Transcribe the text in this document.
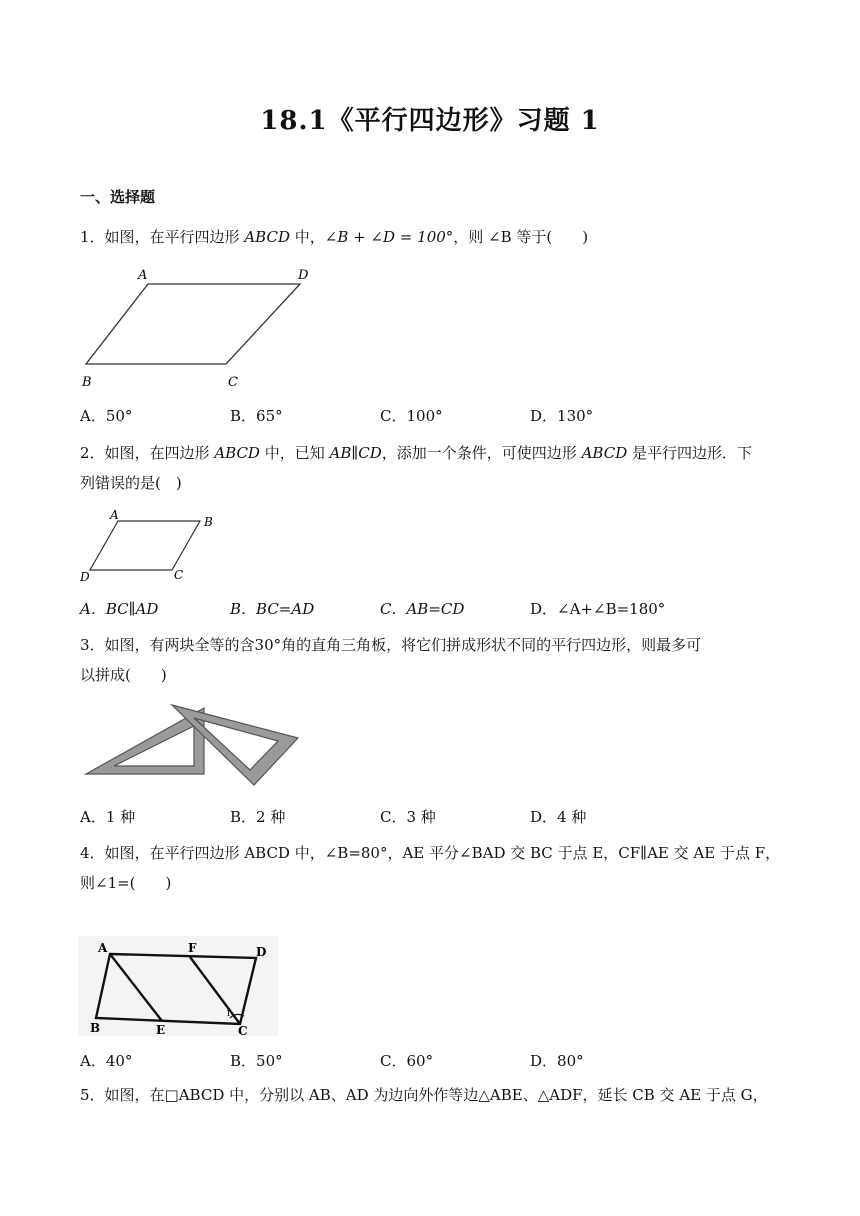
18.1《平行四边形》习题 1
一、选择题
1．如图，在平行四边形 ABCD 中，∠B + ∠D = 100°，则 ∠B 等于(　　)
A	D
B	C
A．50°	B．65°	C．100°	D．130°
2．如图，在四边形 ABCD 中，已知 AB∥CD，添加一个条件，可使四边形 ABCD 是平行四边形．下
列错误的是(　)
A	B
D	C
A．BC∥AD	B．BC=AD	C．AB=CD	D．∠A+∠B=180°
3．如图，有两块全等的含30°角的直角三角板，将它们拼成形状不同的平行四边形，则最多可
以拼成(　　)
A．1 种	B．2 种	C．3 种	D．4 种
4．如图，在平行四边形 ABCD 中，∠B=80°，AE 平分∠BAD 交 BC 于点 E，CF∥AE 交 AE 于点 F，
则∠1=(　　)
A	F	D
B	E	C
1
A．40°	B．50°	C．60°	D．80°
5．如图，在□ABCD 中，分别以 AB、AD 为边向外作等边△ABE、△ADF，延长 CB 交 AE 于点 G，
